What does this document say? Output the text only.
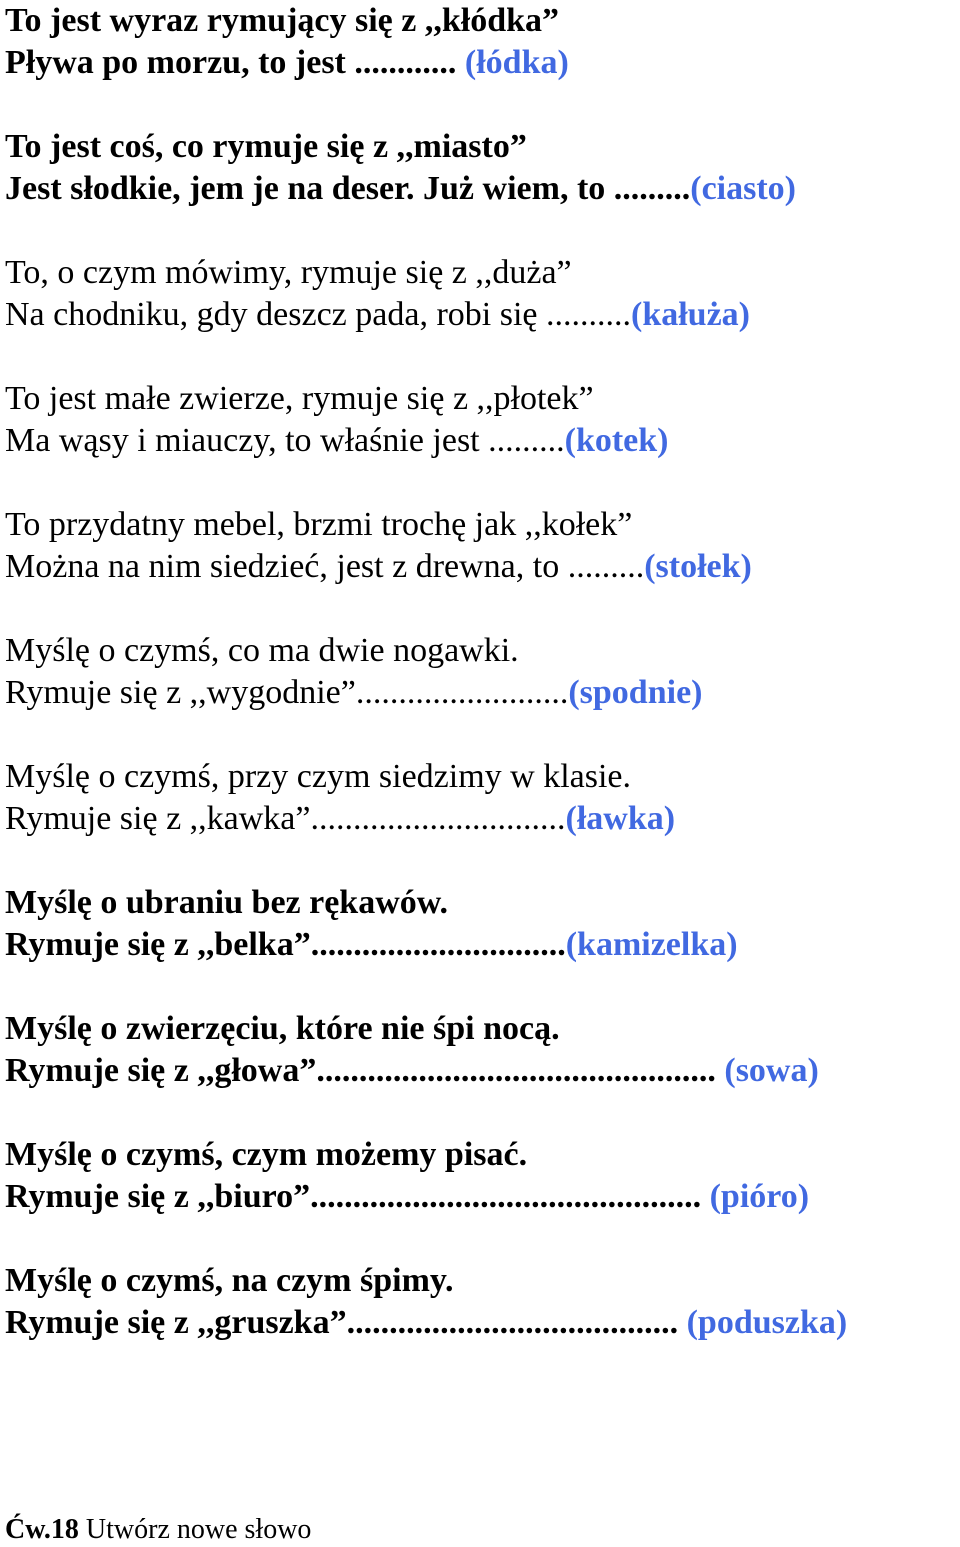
To jest wyraz rymujący się z ,,kłódka”
Pływa po morzu, to jest ............ (łódka)
To jest coś, co rymuje się z ,,miasto”
Jest słodkie, jem je na deser. Już wiem, to .........(ciasto)
To, o czym mówimy, rymuje się z ,,duża”
Na chodniku, gdy deszcz pada, robi się ..........(kałuża)
To jest małe zwierze, rymuje się z ,,płotek”
Ma wąsy i miauczy, to właśnie jest .........(kotek)
To przydatny mebel, brzmi trochę jak ,,kołek”
Można na nim siedzieć, jest z drewna, to .........(stołek)
Myślę o czymś, co ma dwie nogawki.
Rymuje się z ,,wygodnie”.........................(spodnie)
Myślę o czymś, przy czym siedzimy w klasie.
Rymuje się z ,,kawka”..............................(ławka)
Myślę o ubraniu bez rękawów.
Rymuje się z ,,belka”..............................(kamizelka)
Myślę o zwierzęciu, które nie śpi nocą.
Rymuje się z ,,głowa”............................................... (sowa)
Myślę o czymś, czym możemy pisać.
Rymuje się z ,,biuro”.............................................. (pióro)
Myślę o czymś, na czym śpimy.
Rymuje się z ,,gruszka”....................................... (poduszka)
Ćw.18 Utwórz nowe słowo
